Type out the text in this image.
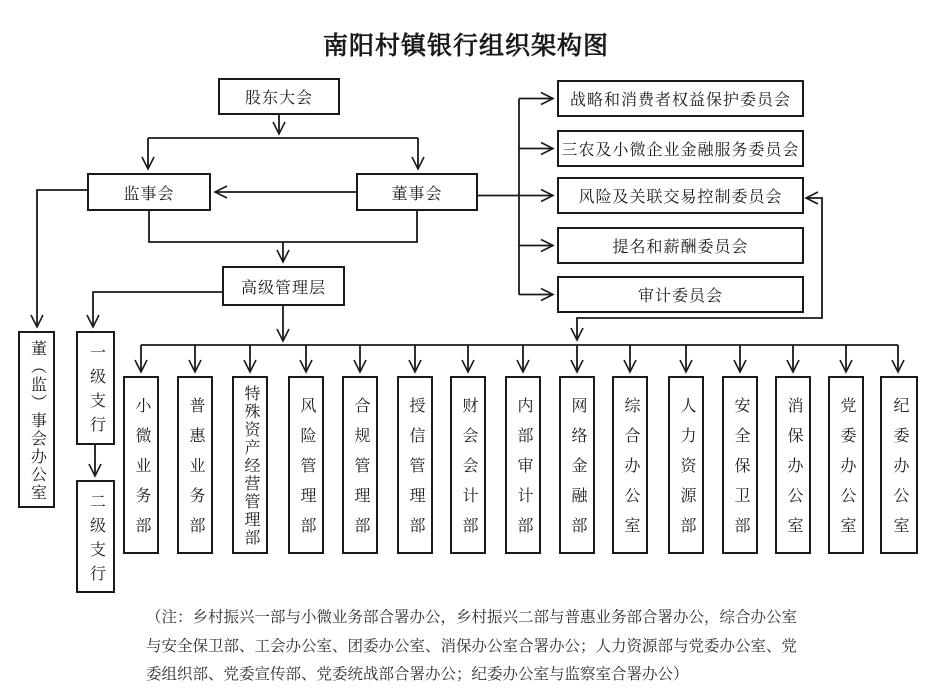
南阳村镇银行组织架构图
股东大会
监事会	董事会
高级管理层
战略和消费者权益保护委员会
三农及小微企业金融服务委员会
风险及关联交易控制委员会
提名和薪酬委员会
审计委员会
董（监）事会办公室	一级支行
二级支行 小微业务部 普惠业务部 特殊资产经营管理部 风险管理部 合规管理部 授信管理部 财会会计部 内部审计部 网络金融部 综合办公室 人力资源部 安全保卫部 消保办公室 党委办公室 纪委办公室
（注：乡村振兴一部与小微业务部合署办公，乡村振兴二部与普惠业务部合署办公，综合办公室
与安全保卫部、工会办公室、团委办公室、消保办公室合署办公；人力资源部与党委办公室、党
委组织部、党委宣传部、党委统战部合署办公；纪委办公室与监察室合署办公）
